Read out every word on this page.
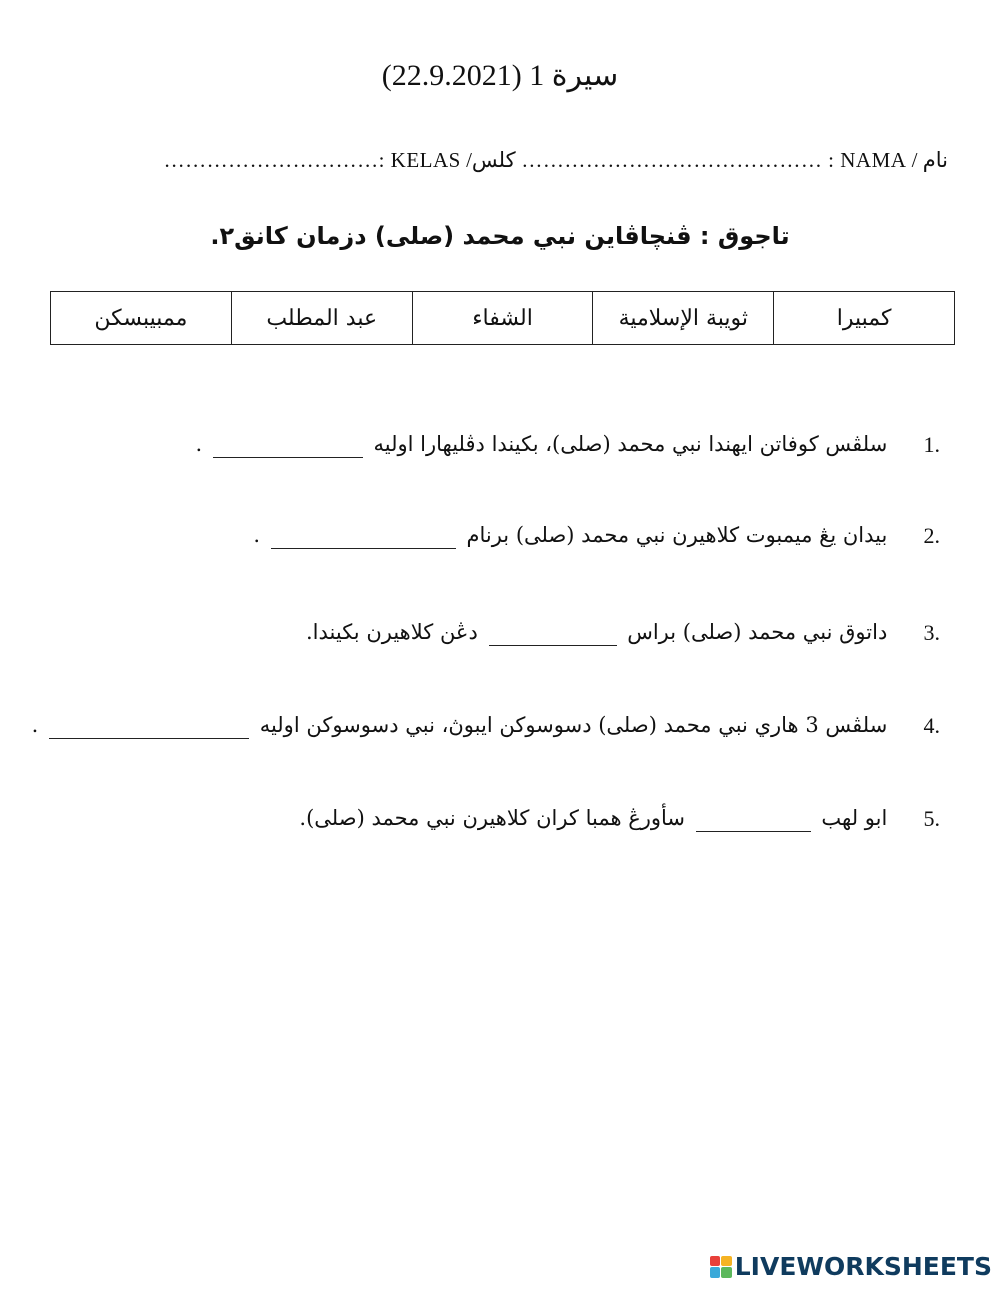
سيرة 1 (22.9.2021)
نام / NAMA : …………………………………… كلس/ KELAS :…………………………
تاجوق : ڤنچاڤاين نبي محمد (صلى) دزمان كانق٢.
كمبيرا	ثويبة الإسلامية	الشفاء	عبد المطلب	ممبيبسكن
1. سلڤس كوفاتن ايهندا نبي محمد (صلى)، بكيندا دڤليهارا اوليه  .
2. بيدان يڠ ميمبوت كلاهيرن نبي محمد (صلى) برنام  .
3. داتوق نبي محمد (صلى) براس  دڠن كلاهيرن بكيندا.
4. سلڤس 3 هاري نبي محمد (صلى) دسوسوكن ايبوڽ، نبي دسوسوكن اوليه  .
5. ابو لهب  سأورڠ همبا كران كلاهيرن نبي محمد (صلى).
LIVEWORKSHEETS
